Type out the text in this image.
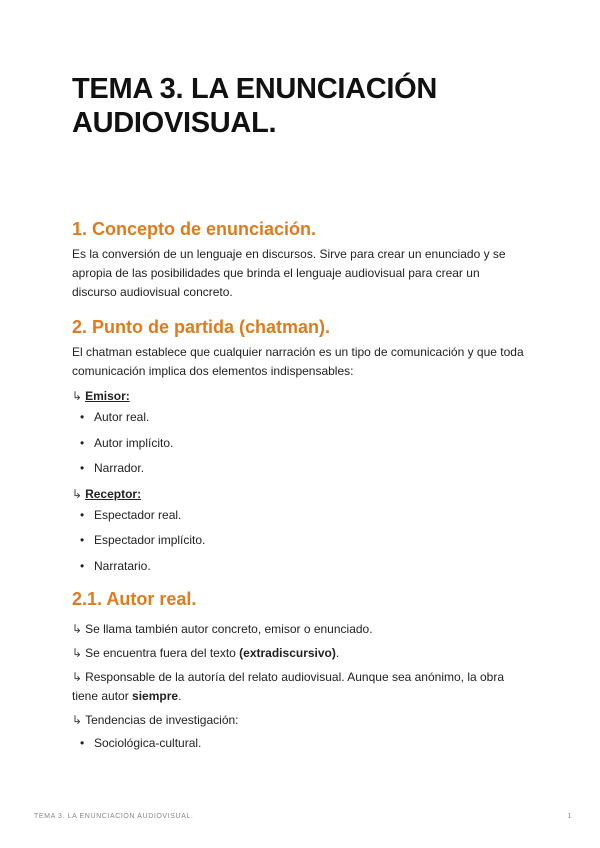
TEMA 3. LA ENUNCIACIÓN
AUDIOVISUAL.
1. Concepto de enunciación.

Es la conversión de un lenguaje en discursos. Sirve para crear un enunciado y se
apropia de las posibilidades que brinda el lenguaje audiovisual para crear un
discurso audiovisual concreto.

2. Punto de partida (chatman).

El chatman establece que cualquier narración es un tipo de comunicación y que toda
comunicación implica dos elementos indispensables:

↳ Emisor:
• Autor real.
• Autor implícito.
• Narrador.
↳ Receptor:
• Espectador real.
• Espectador implícito.
• Narratario.
2.1. Autor real.

↳ Se llama también autor concreto, emisor o enunciado.

↳ Se encuentra fuera del texto (extradiscursivo).

↳ Responsable de la autoría del relato audiovisual. Aunque sea anónimo, la obra
tiene autor siempre.

↳ Tendencias de investigación:

• Sociológica-cultural.
TEMA 3. LA ENUNCIACIÓN AUDIOVISUAL.	1
